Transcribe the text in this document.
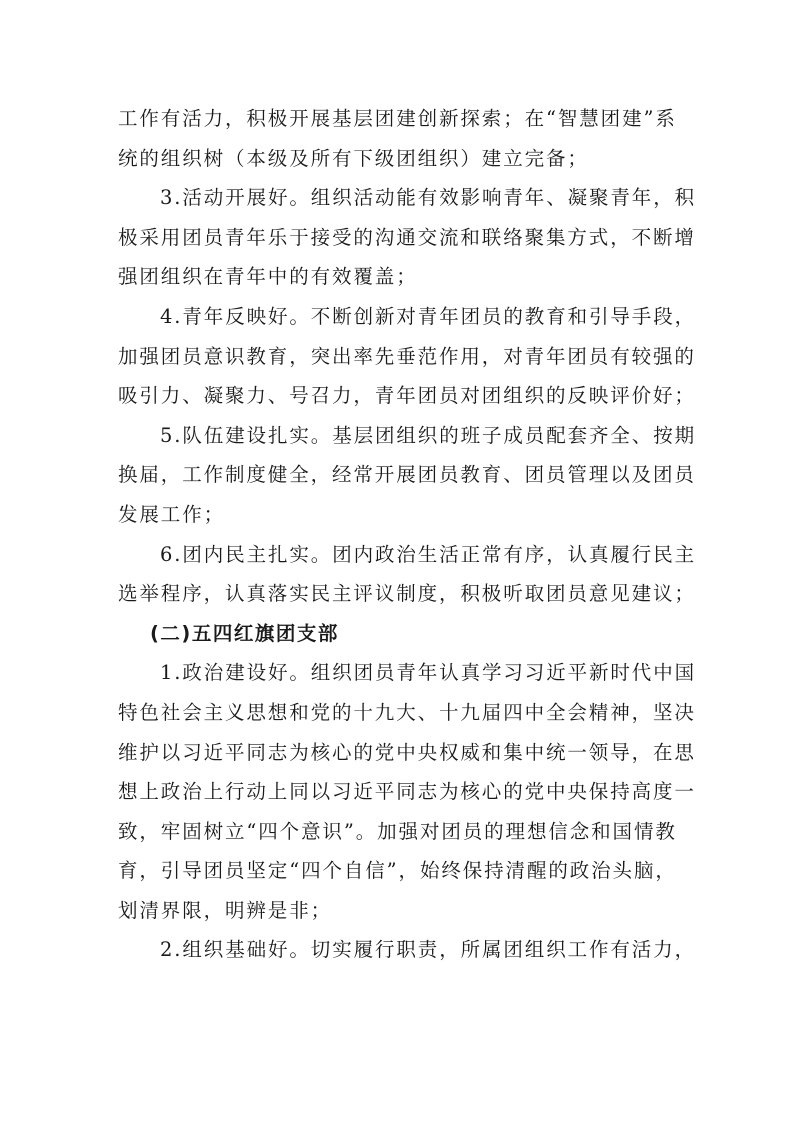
工作有活力，积极开展基层团建创新探索；在“智慧团建”系
统的组织树（本级及所有下级团组织）建立完备；
3.活动开展好。组织活动能有效影响青年、凝聚青年，积
极采用团员青年乐于接受的沟通交流和联络聚集方式，不断增
强团组织在青年中的有效覆盖；
4.青年反映好。不断创新对青年团员的教育和引导手段，
加强团员意识教育，突出率先垂范作用，对青年团员有较强的
吸引力、凝聚力、号召力，青年团员对团组织的反映评价好；
5.队伍建设扎实。基层团组织的班子成员配套齐全、按期
换届，工作制度健全，经常开展团员教育、团员管理以及团员
发展工作；
6.团内民主扎实。团内政治生活正常有序，认真履行民主
选举程序，认真落实民主评议制度，积极听取团员意见建议；
(二)五四红旗团支部
1.政治建设好。组织团员青年认真学习习近平新时代中国
特色社会主义思想和党的十九大、十九届四中全会精神，坚决
维护以习近平同志为核心的党中央权威和集中统一领导，在思
想上政治上行动上同以习近平同志为核心的党中央保持高度一
致，牢固树立“四个意识”。加强对团员的理想信念和国情教
育，引导团员坚定“四个自信”，始终保持清醒的政治头脑，
划清界限，明辨是非；
2.组织基础好。切实履行职责，所属团组织工作有活力，
